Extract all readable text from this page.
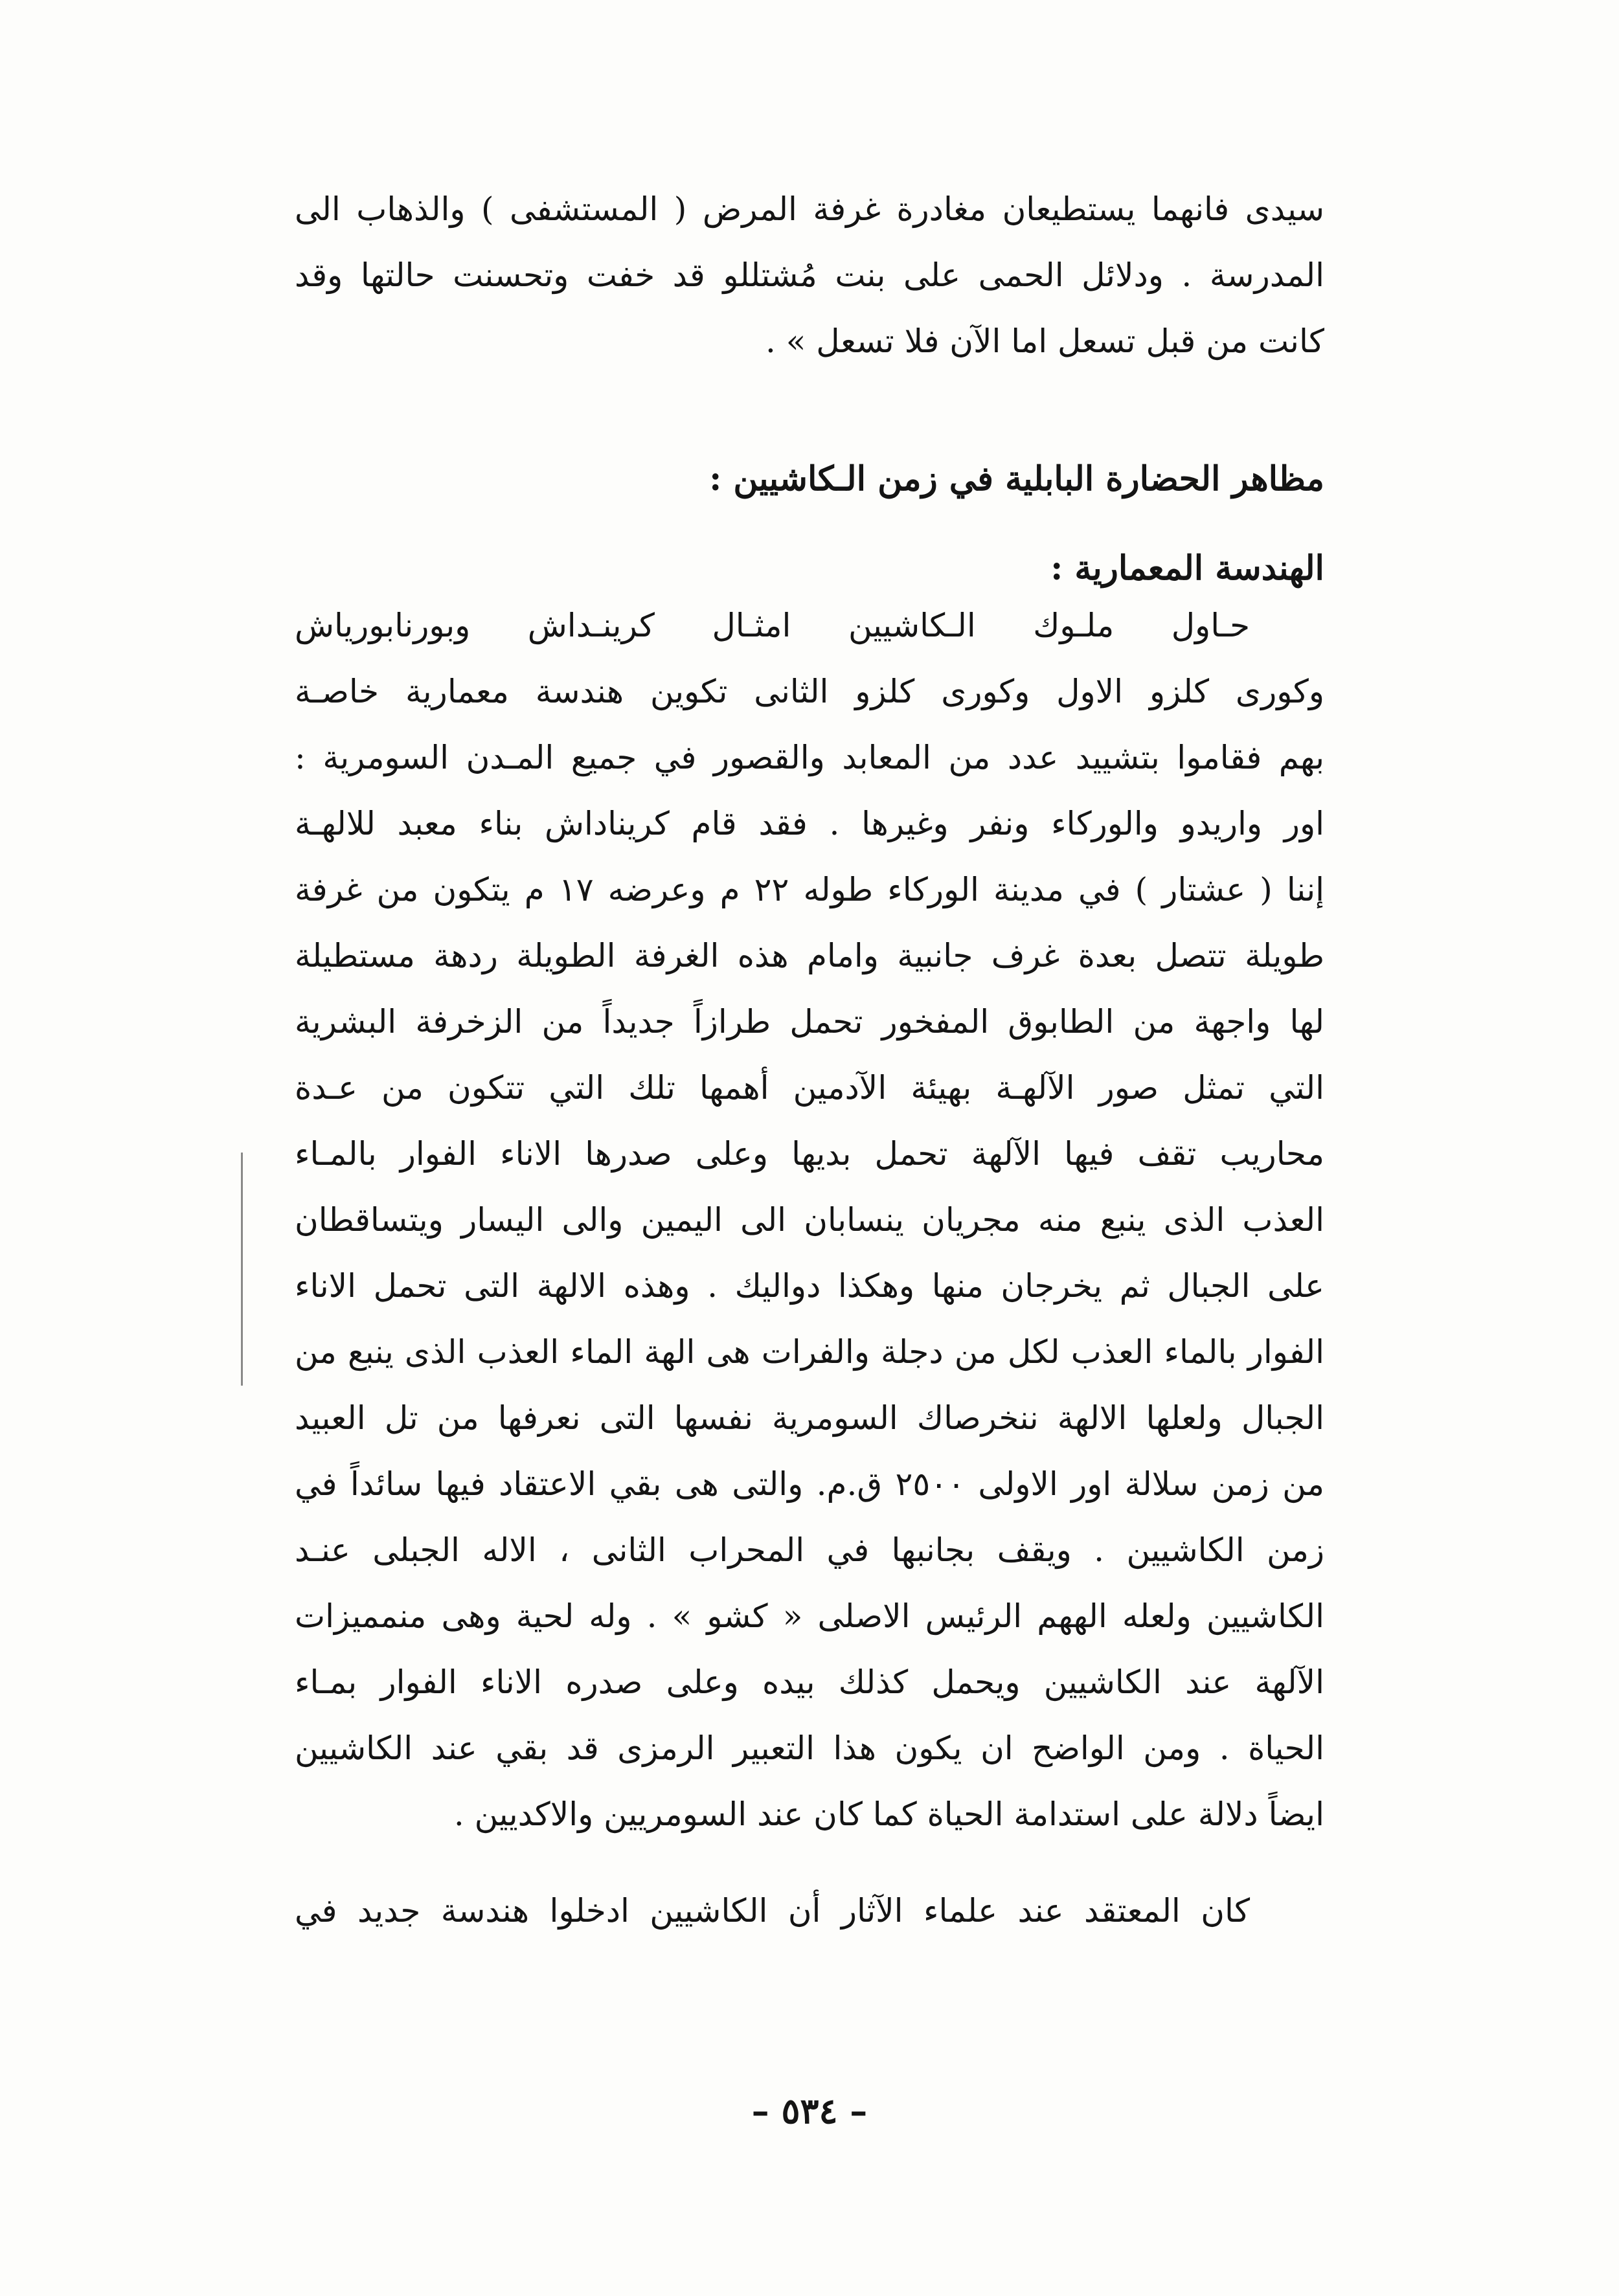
سيدى فانهما يستطيعان مغادرة غرفة المرض ( المستشفى ) والذهاب الى
المدرسة . ودلائل الحمى على بنت مُشتللو قد خفت وتحسنت حالتها وقد
كانت من قبل تسعل اما الآن فلا تسعل » .
مظاهر الحضارة البابلية في زمن الـكاشيين :
الهندسة المعمارية :
حـاول ملـوك الـكاشيين امثـال كرينـداش وبورنابورياش
وكورى كلزو الاول وكورى كلزو الثانى تكوين هندسة معمارية خاصـة
بهم فقاموا بتشييد عدد من المعابد والقصور في جميع المـدن السومرية :
اور واريدو والوركاء ونفر وغيرها . فقد قام كريناداش بناء معبد للالهـة
إننا ( عشتار ) في مدينة الوركاء طوله ٢٢ م وعرضه ١٧ م يتكون من غرفة
طويلة تتصل بعدة غرف جانبية وامام هذه الغرفة الطويلة ردهة مستطيلة
لها واجهة من الطابوق المفخور تحمل طرازاً جديداً من الزخرفة البشرية
التي تمثل صور الآلهـة بهيئة الآدمين أهمها تلك التي تتكون من عـدة
محاريب تقف فيها الآلهة تحمل بديها وعلى صدرها الاناء الفوار بالمـاء
العذب الذى ينبع منه مجريان ينسابان الى اليمين والى اليسار ويتساقطان
على الجبال ثم يخرجان منها وهكذا دواليك . وهذه الالهة التى تحمل الاناء
الفوار بالماء العذب لكل من دجلة والفرات هى الهة الماء العذب الذى ينبع من
الجبال ولعلها الالهة ننخرصاك السومرية نفسها التى نعرفها من تل العبيد
من زمن سلالة اور الاولى ٢٥٠٠ ق.م. والتى هى بقي الاعتقاد فيها سائداً في
زمن الكاشيين . ويقف بجانبها في المحراب الثانى ، الاله الجبلى عنـد
الكاشيين ولعله الههم الرئيس الاصلى « كشو » . وله لحية وهى منمميزات
الآلهة عند الكاشيين ويحمل كذلك بيده وعلى صدره الاناء الفوار بمـاء
الحياة . ومن الواضح ان يكون هذا التعبير الرمزى قد بقي عند الكاشيين
ايضاً دلالة على استدامة الحياة كما كان عند السومريين والاكديين .
كان المعتقد عند علماء الآثار أن الكاشيين ادخلوا هندسة جديد في
– ٥٣٤ –
